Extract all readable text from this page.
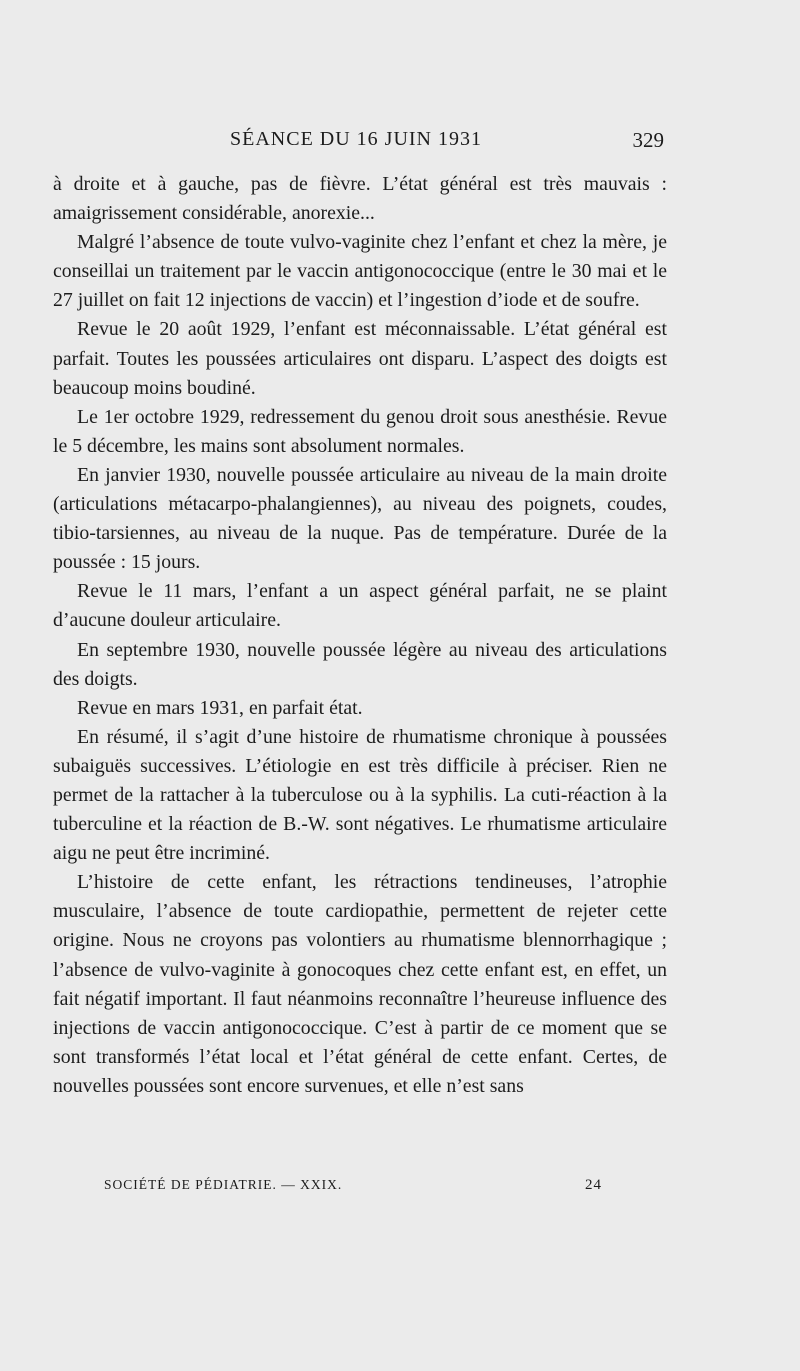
SÉANCE DU 16 JUIN 1931	329

à droite et à gauche, pas de fièvre. L’état général est très mauvais : amaigrissement considérable, anorexie...

Malgré l’absence de toute vulvo-vaginite chez l’enfant et chez la mère, je conseillai un traitement par le vaccin antigonococcique (entre le 30 mai et le 27 juillet on fait 12 injections de vaccin) et l’ingestion d’iode et de soufre.

Revue le 20 août 1929, l’enfant est méconnaissable. L’état général est parfait. Toutes les poussées articulaires ont disparu. L’aspect des doigts est beaucoup moins boudiné.

Le 1er octobre 1929, redressement du genou droit sous anesthésie. Revue le 5 décembre, les mains sont absolument normales.

En janvier 1930, nouvelle poussée articulaire au niveau de la main droite (articulations métacarpo-phalangiennes), au niveau des poignets, coudes, tibio-tarsiennes, au niveau de la nuque. Pas de température. Durée de la poussée : 15 jours.

Revue le 11 mars, l’enfant a un aspect général parfait, ne se plaint d’aucune douleur articulaire.

En septembre 1930, nouvelle poussée légère au niveau des articulations des doigts.

Revue en mars 1931, en parfait état.

En résumé, il s’agit d’une histoire de rhumatisme chronique à poussées subaiguës successives. L’étiologie en est très difficile à préciser. Rien ne permet de la rattacher à la tuberculose ou à la syphilis. La cuti-réaction à la tuberculine et la réaction de B.-W. sont négatives. Le rhumatisme articulaire aigu ne peut être incriminé.

L’histoire de cette enfant, les rétractions tendineuses, l’atrophie musculaire, l’absence de toute cardiopathie, permettent de rejeter cette origine. Nous ne croyons pas volontiers au rhumatisme blennorrhagique ; l’absence de vulvo-vaginite à gonocoques chez cette enfant est, en effet, un fait négatif important. Il faut néanmoins reconnaître l’heureuse influence des injections de vaccin antigonococcique. C’est à partir de ce moment que se sont transformés l’état local et l’état général de cette enfant. Certes, de nouvelles poussées sont encore survenues, et elle n’est sans

SOCIÉTÉ DE PÉDIATRIE. — XXIX.	24
